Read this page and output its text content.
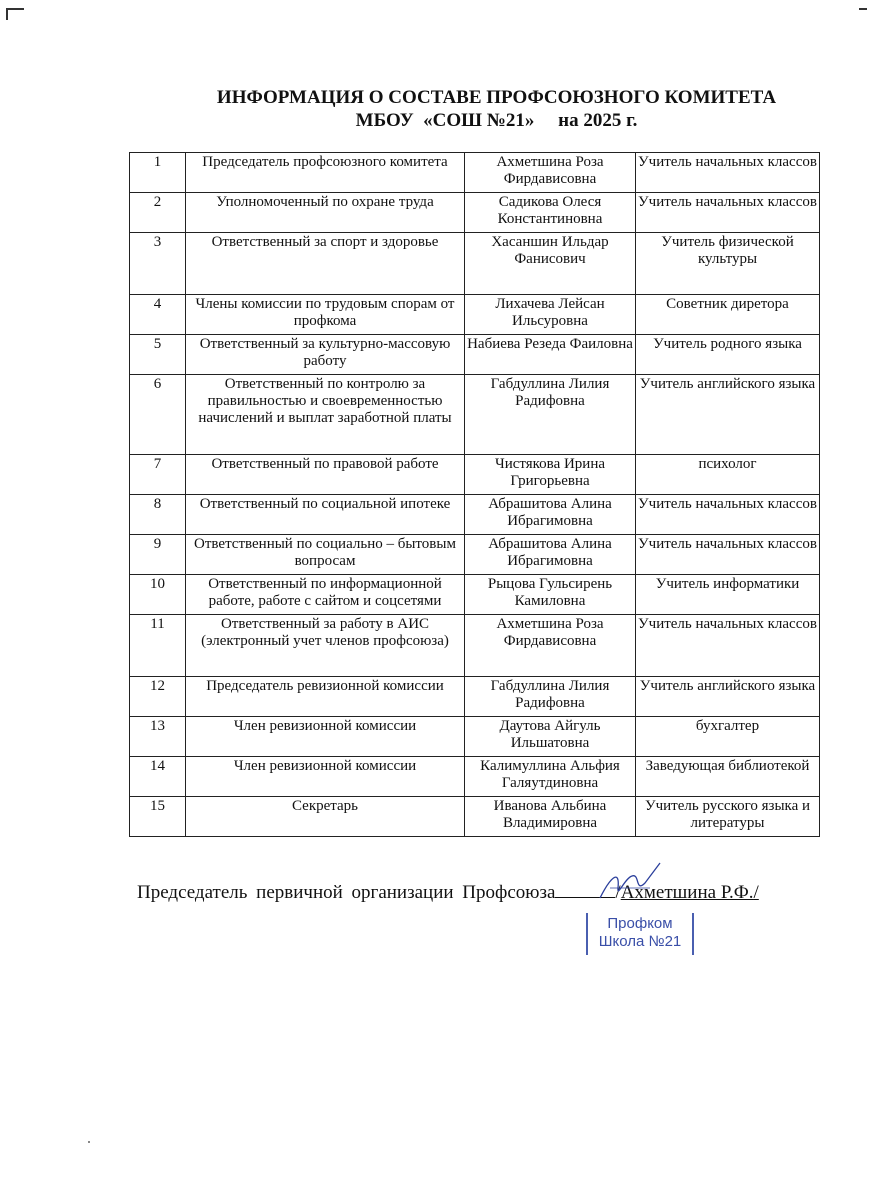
ИНФОРМАЦИЯ О СОСТАВЕ ПРОФСОЮЗНОГО КОМИТЕТА
МБОУ  «СОШ №21»     на 2025 г.
1	Председатель профсоюзного комитета	Ахметшина Роза Фирдависовна	Учитель начальных классов
2	Уполномоченный по охране труда	Садикова Олеся Константиновна	Учитель начальных классов
3	Ответственный за спорт и здоровье	Хасаншин Ильдар Фанисович	Учитель физической культуры
4	Члены комиссии по трудовым спорам от профкома	Лихачева Лейсан Ильсуровна	Советник диретора
5	Ответственный за культурно-массовую работу	Набиева Резеда Фаиловна	Учитель родного языка
6	Ответственный по контролю за правильностью и своевременностью начислений и выплат заработной платы	Габдуллина Лилия Радифовна	Учитель английского языка
7	Ответственный по правовой работе	Чистякова Ирина Григорьевна	психолог
8	Ответственный по социальной ипотеке	Абрашитова Алина Ибрагимовна	Учитель начальных классов
9	Ответственный по социально – бытовым вопросам	Абрашитова Алина Ибрагимовна	Учитель начальных классов
10	Ответственный по информационной работе, работе с сайтом и соцсетями	Рыцова Гульсирень Камиловна	Учитель информатики
11	Ответственный за работу в АИС (электронный учет членов профсоюза)	Ахметшина Роза Фирдависовна	Учитель начальных классов
12	Председатель ревизионной комиссии	Габдуллина Лилия Радифовна	Учитель английского языка
13	Член ревизионной комиссии	Даутова Айгуль Ильшатовна	бухгалтер
14	Член ревизионной комиссии	Калимуллина Альфия Галяутдиновна	Заведующая библиотекой
15	Секретарь	Иванова Альбина Владимировна	Учитель русского языка и литературы
Председатель первичной организации Профсоюза	/Ахметшина Р.Ф./
Профком
Школа №21
